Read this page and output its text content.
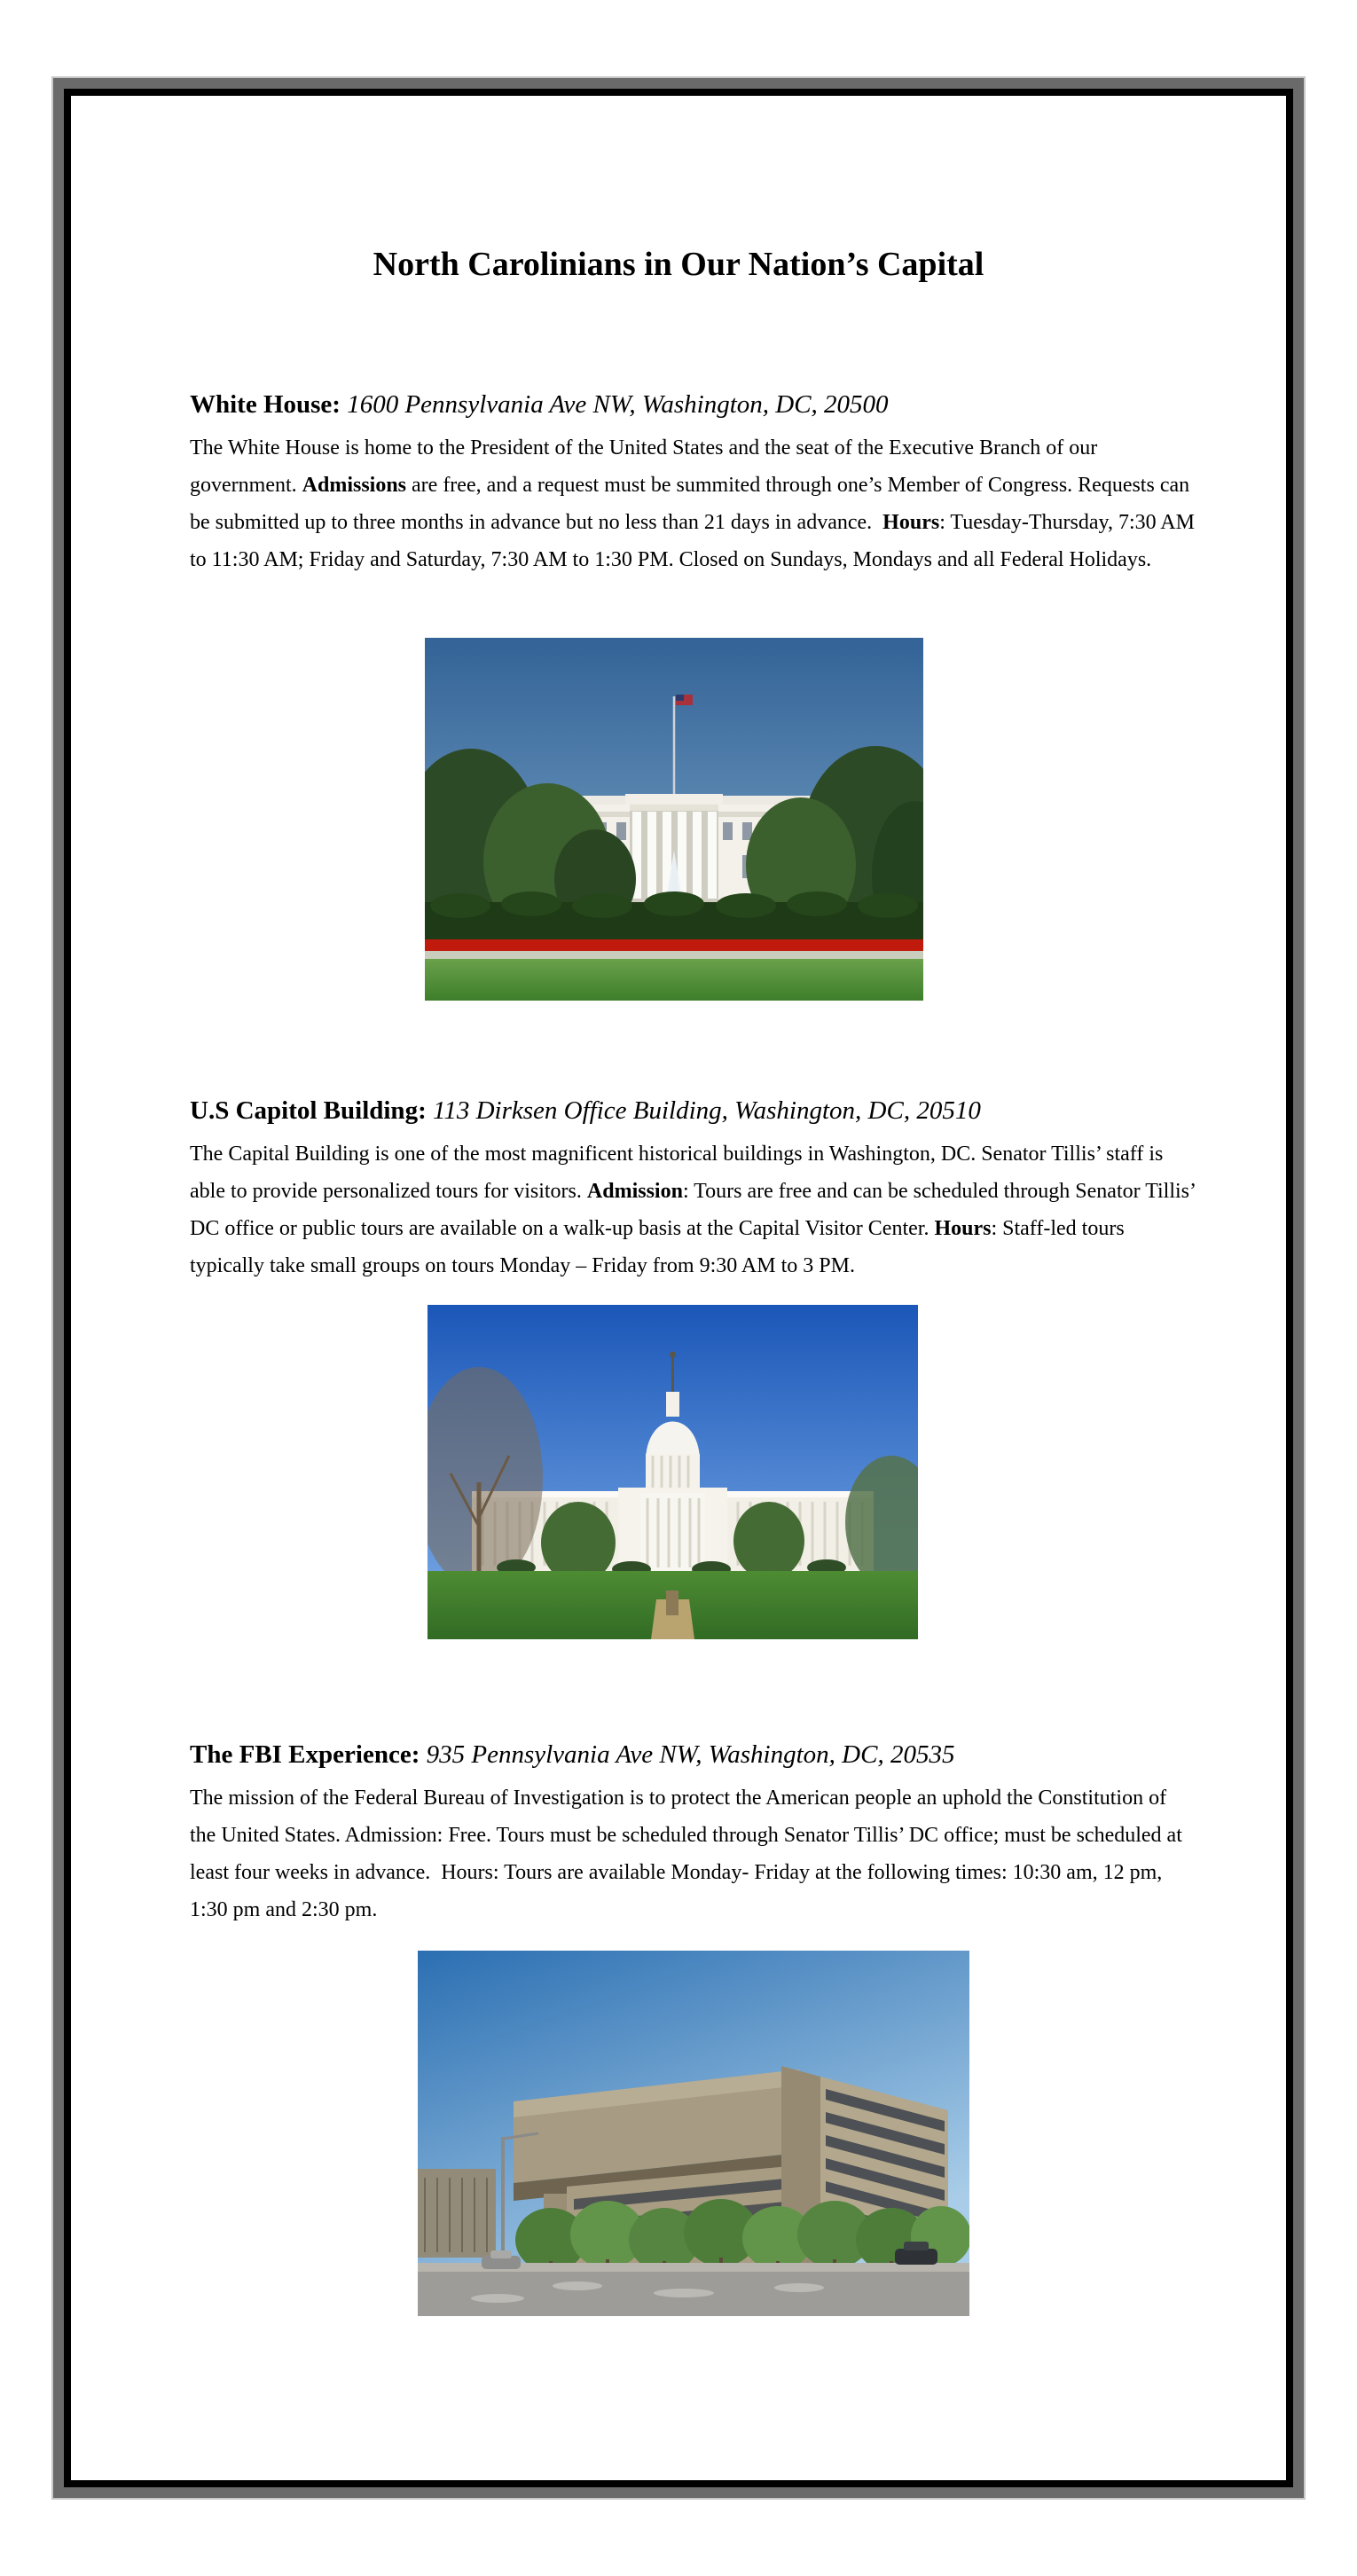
North Carolinians in Our Nation’s Capital

White House: 1600 Pennsylvania Ave NW, Washington, DC, 20500

The White House is home to the President of the United States and the seat of the Executive Branch of our government. Admissions are free, and a request must be summited through one’s Member of Congress. Requests can be submitted up to three months in advance but no less than 21 days in advance.  Hours: Tuesday-Thursday, 7:30 AM to 11:30 AM; Friday and Saturday, 7:30 AM to 1:30 PM. Closed on Sundays, Mondays and all Federal Holidays.

U.S Capitol Building: 113 Dirksen Office Building, Washington, DC, 20510

The Capital Building is one of the most magnificent historical buildings in Washington, DC. Senator Tillis’ staff is able to provide personalized tours for visitors. Admission: Tours are free and can be scheduled through Senator Tillis’ DC office or public tours are available on a walk-up basis at the Capital Visitor Center. Hours: Staff-led tours typically take small groups on tours Monday – Friday from 9:30 AM to 3 PM.

The FBI Experience: 935 Pennsylvania Ave NW, Washington, DC, 20535

The mission of the Federal Bureau of Investigation is to protect the American people an uphold the Constitution of the United States. Admission: Free. Tours must be scheduled through Senator Tillis’ DC office; must be scheduled at least four weeks in advance.  Hours: Tours are available Monday- Friday at the following times: 10:30 am, 12 pm, 1:30 pm and 2:30 pm.
